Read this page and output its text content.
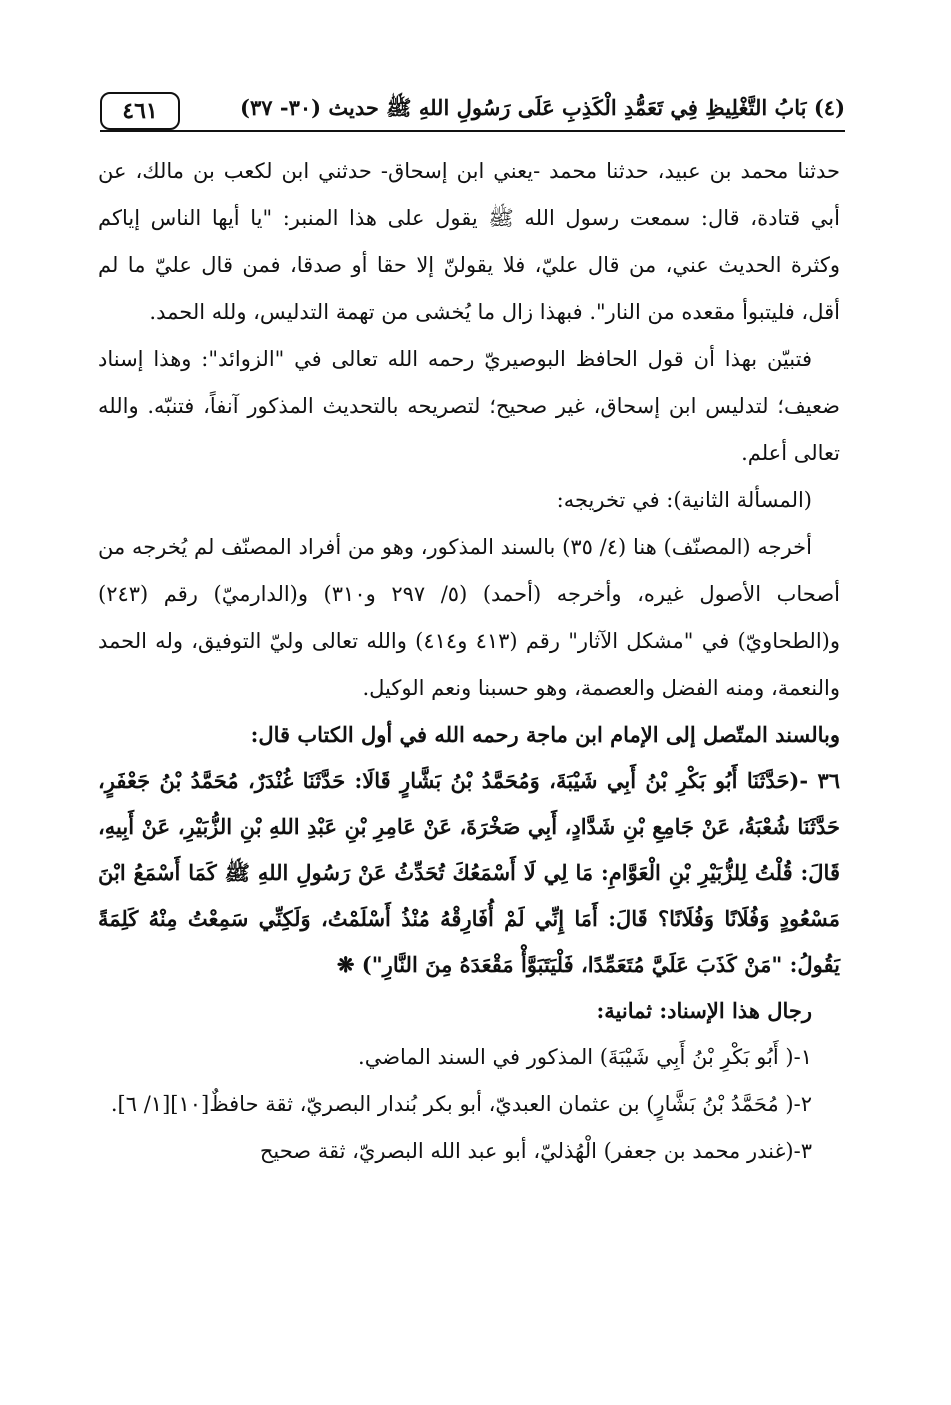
٤٦١	(٤) بَابُ التَّغْلِيظِ فِي تَعَمُّدِ الْكَذِبِ عَلَى رَسُولِ اللهِ ﷺ حديث (٣٠- ٣٧)

حدثنا محمد بن عبيد، حدثنا محمد -يعني ابن إسحاق- حدثني ابن لكعب بن مالك، عن أبي قتادة، قال: سمعت رسول الله ﷺ يقول على هذا المنبر: "يا أيها الناس إياكم وكثرة الحديث عني، من قال عليّ، فلا يقولنّ إلا حقا أو صدقا، فمن قال عليّ ما لم أقل، فليتبوأ مقعده من النار". فبهذا زال ما يُخشى من تهمة التدليس، ولله الحمد.

فتبيّن بهذا أن قول الحافظ البوصيريّ رحمه الله تعالى في "الزوائد": وهذا إسناد ضعيف؛ لتدليس ابن إسحاق، غير صحيح؛ لتصريحه بالتحديث المذكور آنفاً، فتنبّه. والله تعالى أعلم.

(المسألة الثانية): في تخريجه:

أخرجه (المصنّف) هنا (٤/ ٣٥) بالسند المذكور، وهو من أفراد المصنّف لم يُخرجه من أصحاب الأصول غيره، وأخرجه (أحمد) (٥/ ٢٩٧ و٣١٠) و(الدارميّ) رقم (٢٤٣) و(الطحاويّ) في "مشكل الآثار" رقم (٤١٣ و٤١٤) والله تعالى وليّ التوفيق، وله الحمد والنعمة، ومنه الفضل والعصمة، وهو حسبنا ونعم الوكيل.

وبالسند المتّصل إلى الإمام ابن ماجة رحمه الله في أول الكتاب قال:

٣٦ -(حَدَّثَنَا أَبُو بَكْرِ بْنُ أَبِي شَيْبَةَ، وَمُحَمَّدُ بْنُ بَشَّارٍ قَالَا: حَدَّثَنَا غُنْدَرٌ، مُحَمَّدُ بْنُ جَعْفَرٍ، حَدَّثَنَا شُعْبَةُ، عَنْ جَامِعِ بْنِ شَدَّادٍ، أَبِي صَخْرَةَ، عَنْ عَامِرِ بْنِ عَبْدِ اللهِ بْنِ الزُّبَيْرِ، عَنْ أَبِيهِ، قَالَ: قُلْتُ لِلزُّبَيْرِ بْنِ الْعَوَّامِ: مَا لِي لَا أَسْمَعُكَ تُحَدِّثُ عَنْ رَسُولِ اللهِ ﷺ كَمَا أَسْمَعُ ابْنَ مَسْعُودٍ وَفُلَانًا وَفُلَانًا؟ قَالَ: أَمَا إِنِّي لَمْ أُفَارِقْهُ مُنْذُ أَسْلَمْتُ، وَلَكِنِّي سَمِعْتُ مِنْهُ كَلِمَةً يَقُولُ: "مَنْ كَذَبَ عَلَيَّ مُتَعَمِّدًا، فَلْيَتَبَوَّأْ مَقْعَدَهُ مِنَ النَّارِ") ❋

رجال هذا الإسناد: ثمانية:

١-( أَبُو بَكْرِ بْنُ أَبِي شَيْبَةَ) المذكور في السند الماضي.

٢-( مُحَمَّدُ بْنُ بَشَّارٍ) بن عثمان العبديّ، أبو بكر بُندار البصريّ، ثقة حافظٌ[١٠][١/ ٦].

٣-(غندر محمد بن جعفر) الْهُذليّ، أبو عبد الله البصريّ، ثقة صحيح
